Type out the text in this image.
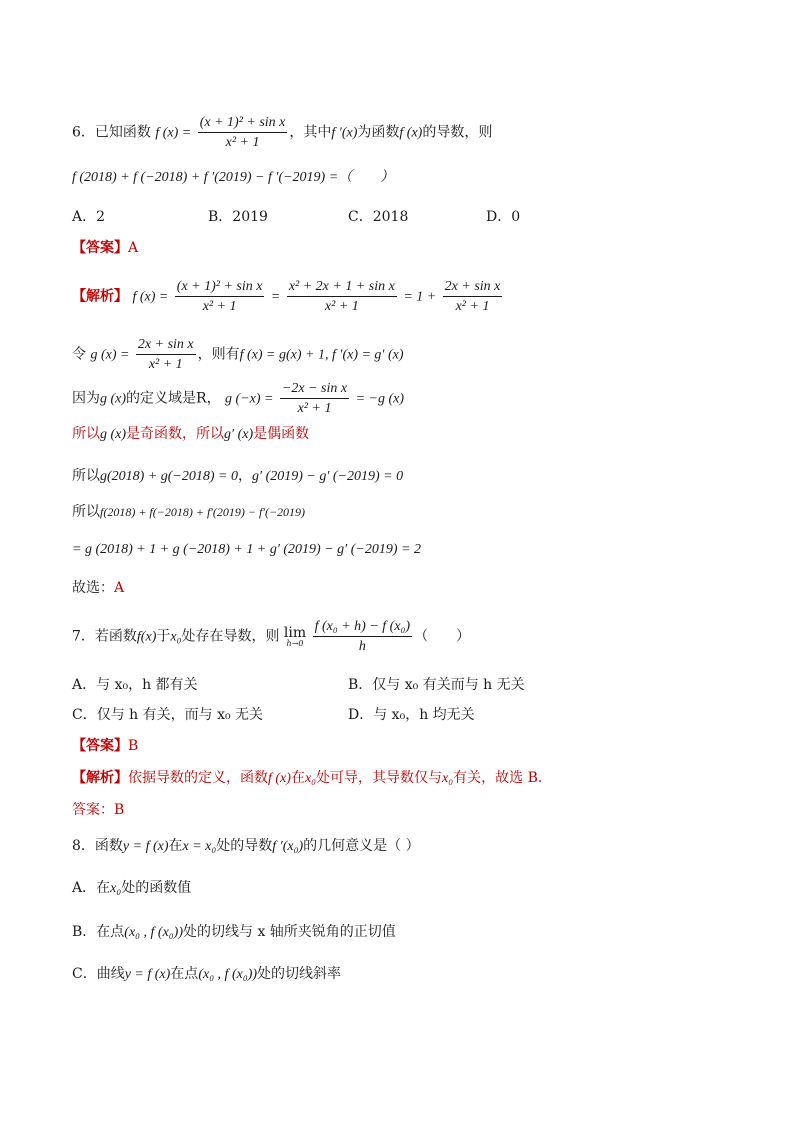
6．已知函数 f $(x) = \frac{\text{(x + 1)² + sin x}}{\text{x² + 1}}$ ，其中f ′(x)为函数f (x)的导数，则
f (2018) + f (−2018) + f ′(2019) − f ′(−2019) =（　　）
A．2	B．2019	C．2018	D．0
【答案】A
【解析】 f $(x) = \frac{\text{(x + 1)² + sin x}}{\text{x² + 1}} = \frac{\text{x² + 2x + 1 + sin x}}{\text{x² + 1}} = 1 + \frac{\text{2x + sin x}}{\text{x² + 1}}$
令 g $(x) = \frac{\text{2x + sin x}}{\text{x² + 1}}$ ，则有f (x) = g(x) + 1, f ′(x) = g′ (x)
因为g (x)的定义域是R， g $(-x) = \frac{\text{−2x − sin x}}{\text{x² + 1}} = -g$ (x)
所以g (x)是奇函数，所以g′ (x)是偶函数
所以g(2018) + g(−2018) = 0，g′ (2019) − g′ (−2019) = 0
所以f(2018) + f(−2018) + f′(2019) − f′(−2019)
= g (2018) + 1 + g (−2018) + 1 + g′ (2019) − g′ (−2019) = 2
故选：A
7．若函数f(x)于x₀处存在导数，则 lim
h→0
$\frac{\text{f (x₀ + h) − f (x₀)}}{h}$ （　　）
A．与 x₀，h 都有关	B．仅与 x₀ 有关而与 h 无关
C．仅与 h 有关，而与 x₀ 无关	D．与 x₀，h 均无关
【答案】B
【解析】依据导数的定义，函数f (x)在x₀处可导，其导数仅与x₀有关，故选 B.
答案：B
8．函数y = f (x)在x = x₀处的导数f ′(x₀)的几何意义是（ ）
A．在x₀处的函数值
B．在点(x₀ , f (x₀))处的切线与 x 轴所夹锐角的正切值
C．曲线y = f (x)在点(x₀ , f (x₀))处的切线斜率
